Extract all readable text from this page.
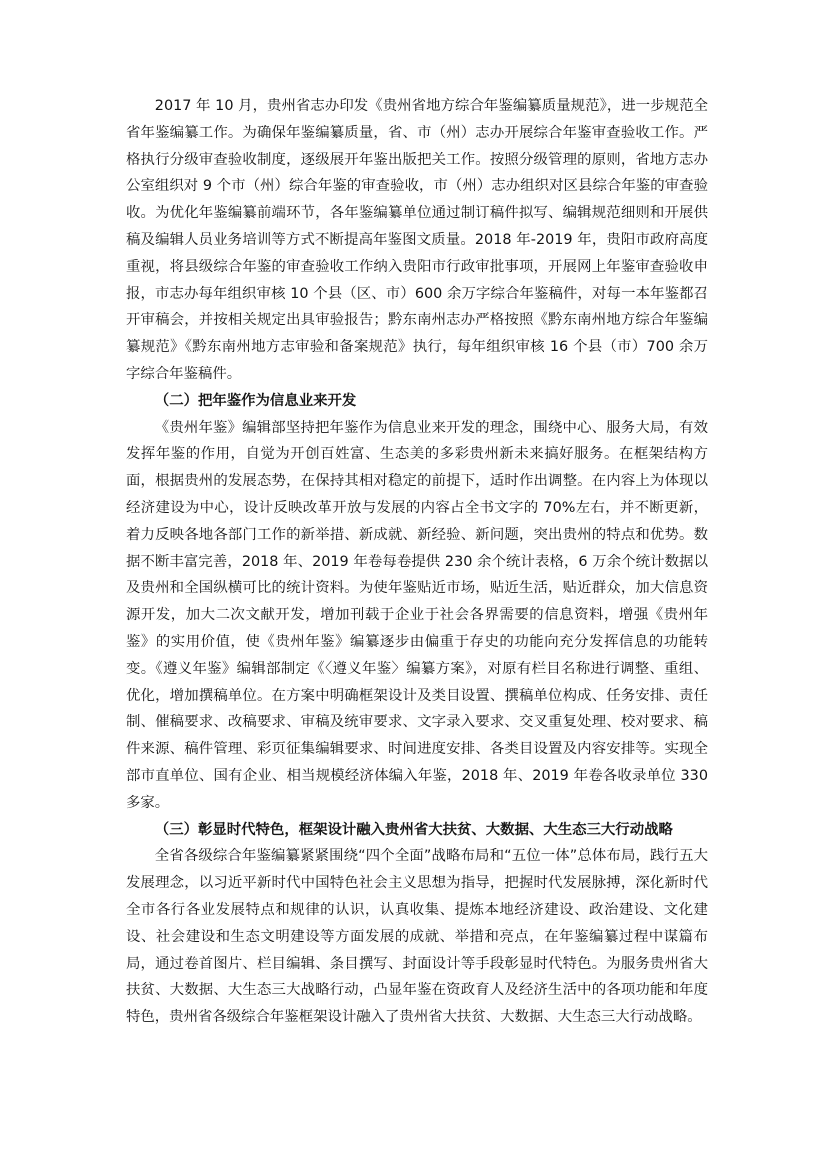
2017 年 10 月，贵州省志办印发《贵州省地方综合年鉴编纂质量规范》，进一步规范全省年鉴编纂工作。为确保年鉴编纂质量，省、市（州）志办开展综合年鉴审查验收工作。严格执行分级审查验收制度，逐级展开年鉴出版把关工作。按照分级管理的原则，省地方志办公室组织对 9 个市（州）综合年鉴的审查验收，市（州）志办组织对区县综合年鉴的审查验收。为优化年鉴编纂前端环节，各年鉴编纂单位通过制订稿件拟写、编辑规范细则和开展供稿及编辑人员业务培训等方式不断提高年鉴图文质量。2018 年-2019 年，贵阳市政府高度重视，将县级综合年鉴的审查验收工作纳入贵阳市行政审批事项，开展网上年鉴审查验收申报，市志办每年组织审核 10 个县（区、市）600 余万字综合年鉴稿件，对每一本年鉴都召开审稿会，并按相关规定出具审验报告；黔东南州志办严格按照《黔东南州地方综合年鉴编纂规范》《黔东南州地方志审验和备案规范》执行，每年组织审核 16 个县（市）700 余万字综合年鉴稿件。

（二）把年鉴作为信息业来开发

《贵州年鉴》编辑部坚持把年鉴作为信息业来开发的理念，围绕中心、服务大局，有效发挥年鉴的作用，自觉为开创百姓富、生态美的多彩贵州新未来搞好服务。在框架结构方面，根据贵州的发展态势，在保持其相对稳定的前提下，适时作出调整。在内容上为体现以经济建设为中心，设计反映改革开放与发展的内容占全书文字的 70%左右，并不断更新，着力反映各地各部门工作的新举措、新成就、新经验、新问题，突出贵州的特点和优势。数据不断丰富完善，2018 年、2019 年卷每卷提供 230 余个统计表格，6 万余个统计数据以及贵州和全国纵横可比的统计资料。为使年鉴贴近市场，贴近生活，贴近群众，加大信息资源开发，加大二次文献开发，增加刊载于企业于社会各界需要的信息资料，增强《贵州年鉴》的实用价值，使《贵州年鉴》编纂逐步由偏重于存史的功能向充分发挥信息的功能转变。《遵义年鉴》编辑部制定《〈遵义年鉴〉编纂方案》，对原有栏目名称进行调整、重组、优化，增加撰稿单位。在方案中明确框架设计及类目设置、撰稿单位构成、任务安排、责任制、催稿要求、改稿要求、审稿及统审要求、文字录入要求、交叉重复处理、校对要求、稿件来源、稿件管理、彩页征集编辑要求、时间进度安排、各类目设置及内容安排等。实现全部市直单位、国有企业、相当规模经济体编入年鉴，2018 年、2019 年卷各收录单位 330 多家。

（三）彰显时代特色，框架设计融入贵州省大扶贫、大数据、大生态三大行动战略

全省各级综合年鉴编纂紧紧围绕“四个全面”战略布局和“五位一体”总体布局，践行五大发展理念，以习近平新时代中国特色社会主义思想为指导，把握时代发展脉搏，深化新时代全市各行各业发展特点和规律的认识，认真收集、提炼本地经济建设、政治建设、文化建设、社会建设和生态文明建设等方面发展的成就、举措和亮点，在年鉴编纂过程中谋篇布局，通过卷首图片、栏目编辑、条目撰写、封面设计等手段彰显时代特色。为服务贵州省大扶贫、大数据、大生态三大战略行动，凸显年鉴在资政育人及经济生活中的各项功能和年度特色，贵州省各级综合年鉴框架设计融入了贵州省大扶贫、大数据、大生态三大行动战略。
